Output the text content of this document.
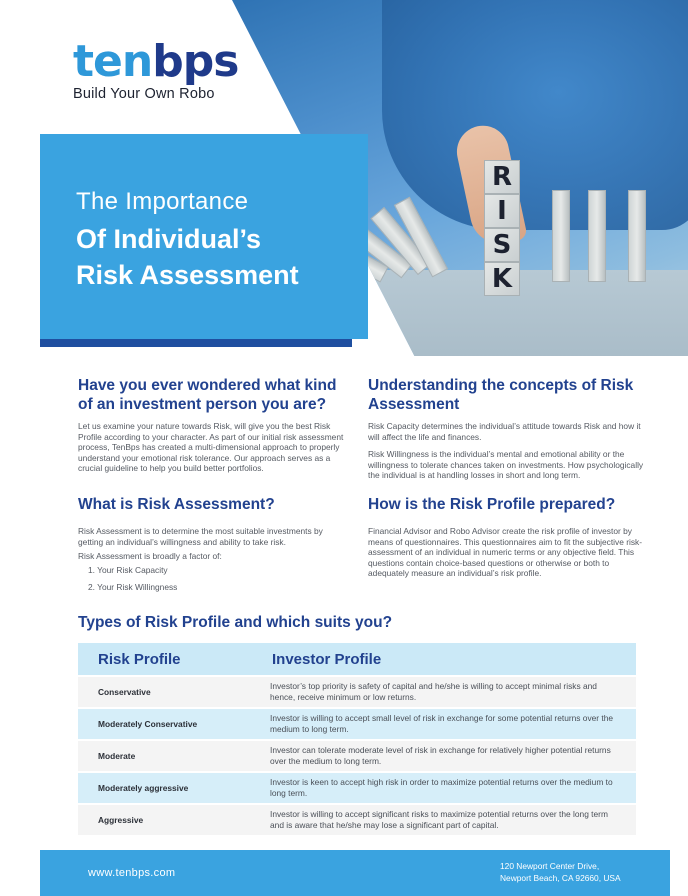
R
I
S
K
tenbps
Build Your Own Robo
The Importance
Of Individual’s
Risk Assessment
Have you ever wondered what kind of an investment person you are?
Let us examine your nature towards Risk, will give you the best Risk Profile according to your character. As part of our initial risk assessment process, TenBps has created a multi-dimensional approach to properly understand your emotional risk tolerance. Our approach serves as a crucial guideline to help you build better portfolios.
What is Risk Assessment?
Risk Assessment is to determine the most suitable investments by getting an individual’s willingness and ability to take risk.
Risk Assessment is broadly a factor of:
1. Your Risk Capacity
2. Your Risk Willingness
Understanding the concepts of Risk Assessment
Risk Capacity determines the individual’s attitude towards Risk and how it will affect the life and finances.
Risk Willingness is the individual’s mental and emotional ability or the willingness to tolerate chances taken on investments. How psychologically the individual is at handling losses in short and long term.
How is the Risk Profile prepared?
Financial Advisor and Robo Advisor create the risk profile of investor by means of questionnaires. This questionnaires aim to fit the subjective risk-assessment of an individual in numeric terms or any objective field. This questions contain choice-based questions or otherwise or both to adequately measure an individual’s risk profile.
Types of Risk Profile and which suits you?
Risk Profile	Investor Profile
Conservative
Investor’s top priority is safety of capital and he/she is willing to accept minimal risks and hence, receive minimum or low returns.
Moderately Conservative
Investor is willing to accept small level of risk in exchange for some potential returns over the medium to long term.
Moderate
Investor can tolerate moderate level of risk in exchange for relatively higher potential returns over the medium to long term.
Moderately aggressive
Investor is keen to accept high risk in order to maximize potential returns over the medium to long term.
Aggressive
Investor is willing to accept significant risks to maximize potential returns over the long term and is aware that he/she may lose a significant part of capital.
www.tenbps.com
120 Newport Center Drive,
Newport Beach, CA 92660, USA
